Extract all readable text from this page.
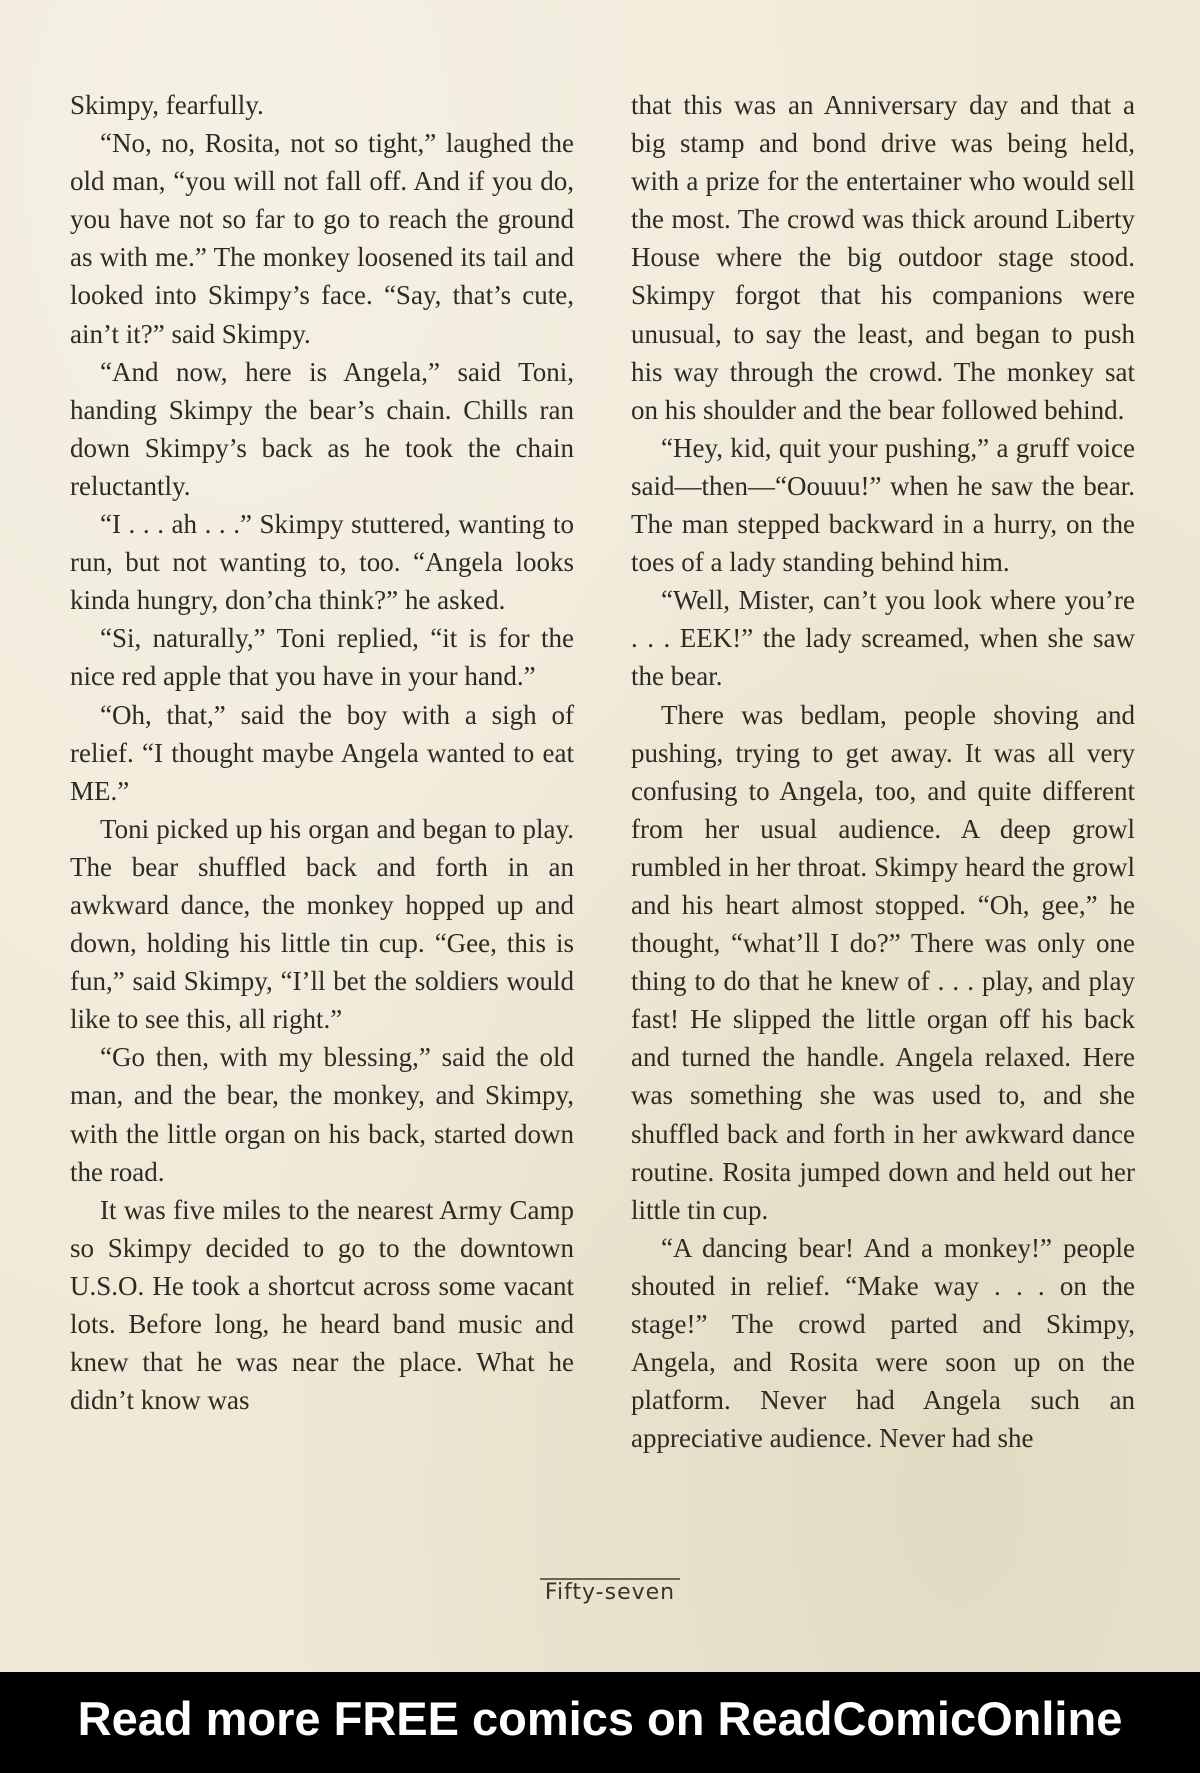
Skimpy, fearfully.

“No, no, Rosita, not so tight,” laughed the old man, “you will not fall off. And if you do, you have not so far to go to reach the ground as with me.” The monkey loosened its tail and looked into Skimpy’s face. “Say, that’s cute, ain’t it?” said Skimpy.

“And now, here is Angela,” said Toni, handing Skimpy the bear’s chain. Chills ran down Skimpy’s back as he took the chain reluctantly.

“I . . . ah . . .” Skimpy stuttered, wanting to run, but not wanting to, too. “Angela looks kinda hungry, don’cha think?” he asked.

“Si, naturally,” Toni replied, “it is for the nice red apple that you have in your hand.”

“Oh, that,” said the boy with a sigh of relief. “I thought maybe Angela wanted to eat ME.”

Toni picked up his organ and began to play. The bear shuffled back and forth in an awkward dance, the monkey hopped up and down, holding his little tin cup. “Gee, this is fun,” said Skimpy, “I’ll bet the soldiers would like to see this, all right.”

“Go then, with my blessing,” said the old man, and the bear, the monkey, and Skimpy, with the little organ on his back, started down the road.

It was five miles to the nearest Army Camp so Skimpy decided to go to the downtown U.S.O. He took a shortcut across some vacant lots. Before long, he heard band music and knew that he was near the place. What he didn’t know was

that this was an Anniversary day and that a big stamp and bond drive was being held, with a prize for the entertainer who would sell the most. The crowd was thick around Liberty House where the big outdoor stage stood. Skimpy forgot that his companions were unusual, to say the least, and began to push his way through the crowd. The monkey sat on his shoulder and the bear followed behind.

“Hey, kid, quit your pushing,” a gruff voice said—then—“Oouuu!” when he saw the bear. The man stepped backward in a hurry, on the toes of a lady standing behind him.

“Well, Mister, can’t you look where you’re . . . EEK!” the lady screamed, when she saw the bear.

There was bedlam, people shoving and pushing, trying to get away. It was all very confusing to Angela, too, and quite different from her usual audience. A deep growl rumbled in her throat. Skimpy heard the growl and his heart almost stopped. “Oh, gee,” he thought, “what’ll I do?” There was only one thing to do that he knew of . . . play, and play fast! He slipped the little organ off his back and turned the handle. Angela relaxed. Here was something she was used to, and she shuffled back and forth in her awkward dance routine. Rosita jumped down and held out her little tin cup.

“A dancing bear! And a monkey!” people shouted in relief. “Make way . . . on the stage!” The crowd parted and Skimpy, Angela, and Rosita were soon up on the platform. Never had Angela such an appreciative audience. Never had she

Fifty-seven
Read more FREE comics on ReadComicOnline
